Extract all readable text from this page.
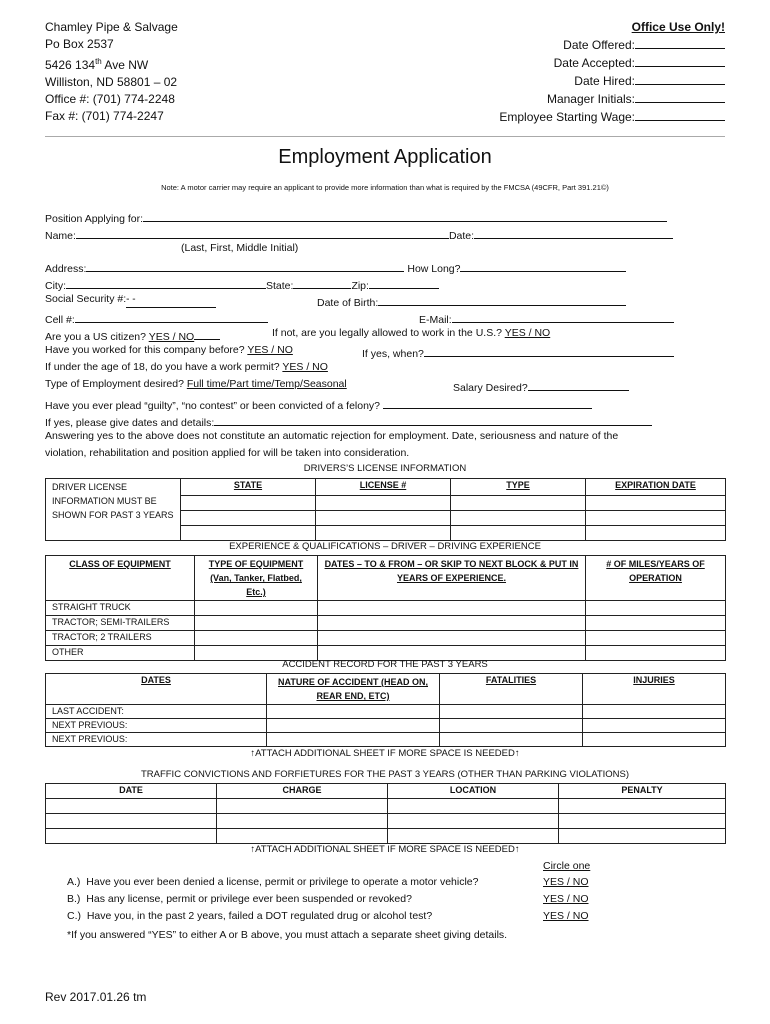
Chamley Pipe & Salvage
Po Box 2537
5426 134th Ave NW
Williston, ND 58801 – 02
Office #: (701) 774-2248
Fax #: (701) 774-2247
Office Use Only!
Date Offered:
Date Accepted:
Date Hired:
Manager Initials:
Employee Starting Wage:
Employment Application
Note: A motor carrier may require an applicant to provide more information than what is required by the FMCSA (49CFR, Part 391.21©)
Position Applying for:
Name:	Date:
(Last, First, Middle Initial)
Address:	How Long?
City:	State:	Zip:
Social Security #:- -	Date of Birth:
Cell #:	E-Mail:
Are you a US citizen? YES / NO	If not, are you legally allowed to work in the U.S.? YES / NO
Have you worked for this company before? YES / NO	If yes, when?
If under the age of 18, do you have a work permit? YES / NO
Type of Employment desired? Full time/Part time/Temp/Seasonal	Salary Desired?
Have you ever plead “guilty”, “no contest” or been convicted of a felony?
If yes, please give dates and details:
Answering yes to the above does not constitute an automatic rejection for employment. Date, seriousness and nature of the
violation, rehabilitation and position applied for will be taken into consideration.
DRIVERS’S LICENSE INFORMATION
DRIVER LICENSE INFORMATION MUST BE SHOWN FOR PAST 3 YEARS	STATE	LICENSE #	TYPE	EXPIRATION DATE

EXPERIENCE & QUALIFICATIONS – DRIVER – DRIVING EXPERIENCE
CLASS OF EQUIPMENT	TYPE OF EQUIPMENT (Van, Tanker, Flatbed, Etc.)	DATES – TO & FROM – OR SKIP TO NEXT BLOCK & PUT IN YEARS OF EXPERIENCE.	# OF MILES/YEARS OF OPERATION
STRAIGHT TRUCK			
TRACTOR; SEMI-TRAILERS			
TRACTOR; 2 TRAILERS			
OTHER			
ACCIDENT RECORD FOR THE PAST 3 YEARS
DATES	NATURE OF ACCIDENT (HEAD ON, REAR END, ETC)	FATALITIES	INJURIES
LAST ACCIDENT:			
NEXT PREVIOUS:			
NEXT PREVIOUS:			
↑ATTACH ADDITIONAL SHEET IF MORE SPACE IS NEEDED↑
TRAFFIC CONVICTIONS AND FORFIETURES FOR THE PAST 3 YEARS (OTHER THAN PARKING VIOLATIONS)
DATE	CHARGE	LOCATION	PENALTY

↑ATTACH ADDITIONAL SHEET IF MORE SPACE IS NEEDED↑
Circle one
A.) Have you ever been denied a license, permit or privilege to operate a motor vehicle?	YES / NO
B.) Has any license, permit or privilege ever been suspended or revoked?	YES / NO
C.) Have you, in the past 2 years, failed a DOT regulated drug or alcohol test?	YES / NO
*If you answered “YES” to either A or B above, you must attach a separate sheet giving details.
Rev 2017.01.26 tm
